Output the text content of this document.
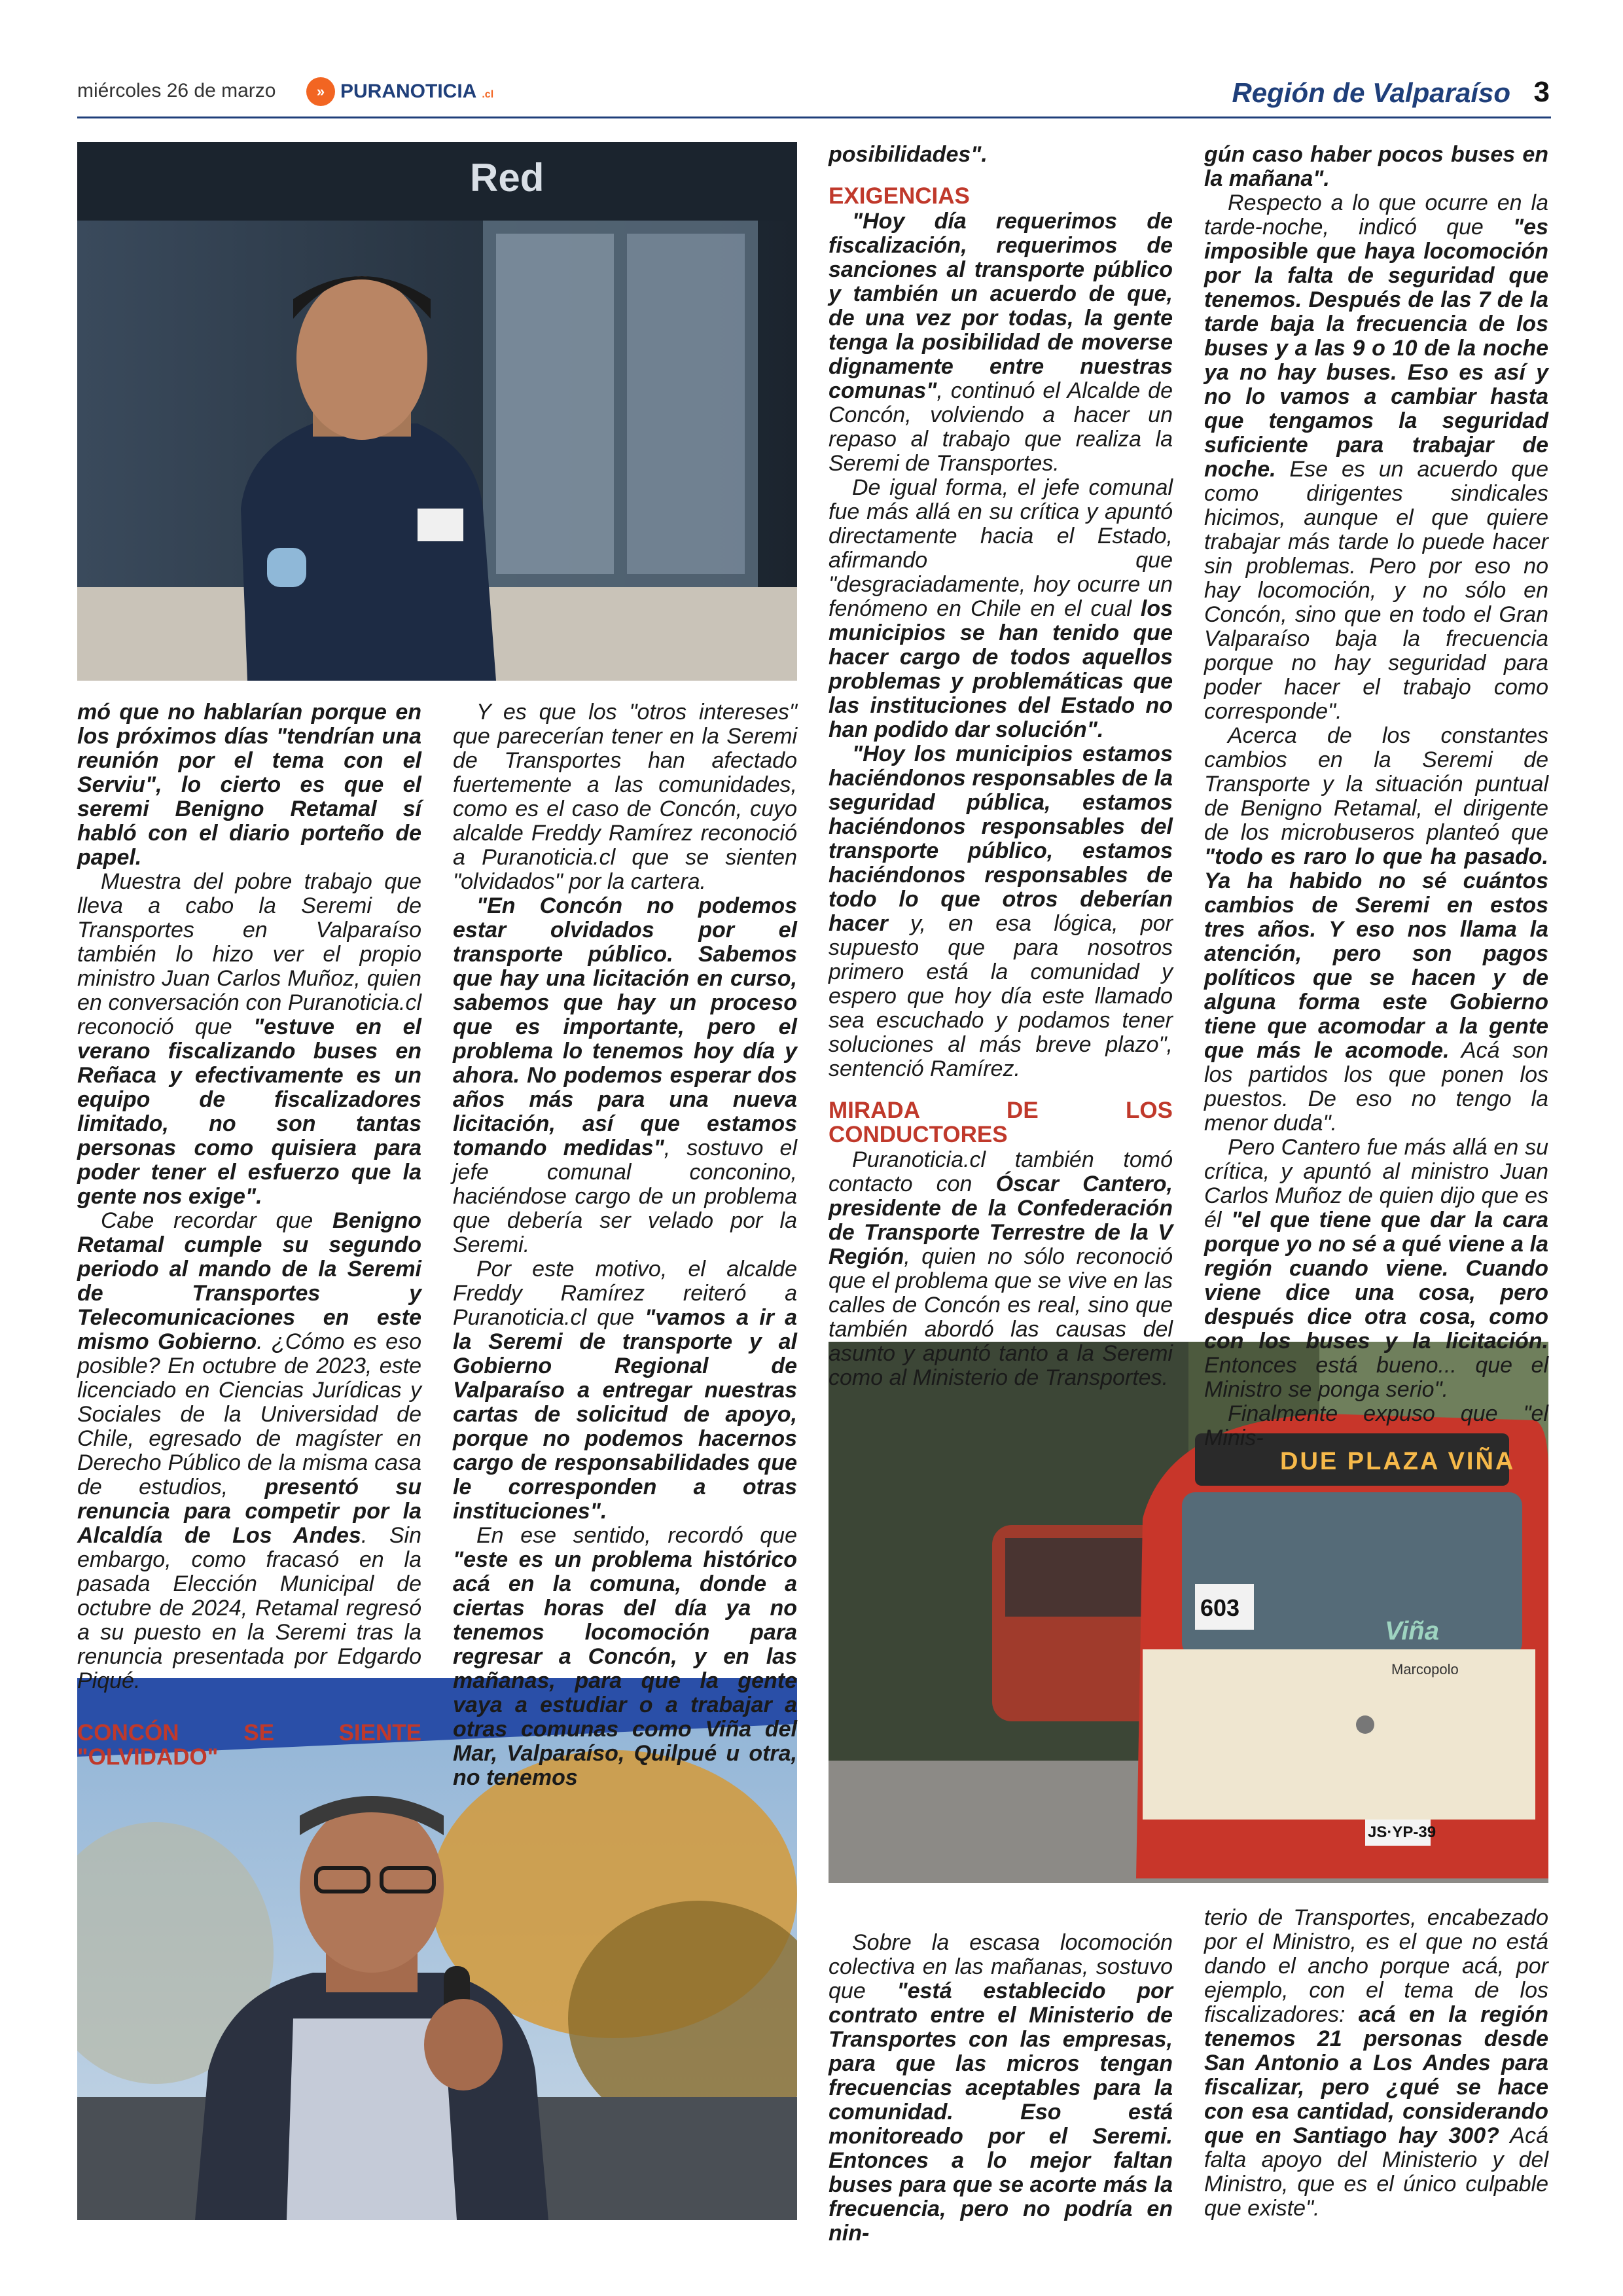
miércoles 26 de marzo	» PURANOTICIA .cl	Región de Valparaíso 3
Red
DUE PLAZA VIÑA
603
Viña
Marcopolo
JS·YP-39

mó que no hablarían porque en los próximos días "tendrían una reunión por el tema con el Serviu", lo cierto es que el seremi Benigno Retamal sí habló con el diario porteño de papel.

Muestra del pobre trabajo que lleva a cabo la Seremi de Transportes en Valparaíso también lo hizo ver el propio ministro Juan Carlos Muñoz, quien en conversación con Puranoticia.cl reconoció que "estuve en el verano fiscalizando buses en Reñaca y efectivamente es un equipo de fiscalizadores limitado, no son tantas personas como quisiera para poder tener el esfuerzo que la gente nos exige".

Cabe recordar que Benigno Retamal cumple su segundo periodo al mando de la Seremi de Transportes y Telecomunicaciones en este mismo Gobierno. ¿Cómo es eso posible? En octubre de 2023, este licenciado en Ciencias Jurídicas y Sociales de la Universidad de Chile, egresado de magíster en Derecho Público de la misma casa de estudios, presentó su renuncia para competir por la Alcaldía de Los Andes. Sin embargo, como fracasó en la pasada Elección Municipal de octubre de 2024, Retamal regresó a su puesto en la Seremi tras la renuncia presentada por Edgardo Piqué.

CONCÓN SE SIENTE "OLVIDADO"

Y es que los "otros intereses" que parecerían tener en la Seremi de Transportes han afectado fuertemente a las comunidades, como es el caso de Concón, cuyo alcalde Freddy Ramírez reconoció a Puranoticia.cl que se sienten "olvidados" por la cartera.

"En Concón no podemos estar olvidados por el transporte público. Sabemos que hay una licitación en curso, sabemos que hay un proceso que es importante, pero el problema lo tenemos hoy día y ahora. No podemos esperar dos años más para una nueva licitación, así que estamos tomando medidas", sostuvo el jefe comunal conconino, haciéndose cargo de un problema que debería ser velado por la Seremi.

Por este motivo, el alcalde Freddy Ramírez reiteró a Puranoticia.cl que "vamos a ir a la Seremi de transporte y al Gobierno Regional de Valparaíso a entregar nuestras cartas de solicitud de apoyo, porque no podemos hacernos cargo de responsabilidades que le corresponden a otras instituciones".

En ese sentido, recordó que "este es un problema histórico acá en la comuna, donde a ciertas horas del día ya no tenemos locomoción para regresar a Concón, y en las mañanas, para que la gente vaya a estudiar o a trabajar a otras comunas como Viña del Mar, Valparaíso, Quilpué u otra, no tenemos

posibilidades".

EXIGENCIAS

"Hoy día requerimos de fiscalización, requerimos de sanciones al transporte público y también un acuerdo de que, de una vez por todas, la gente tenga la posibilidad de moverse dignamente entre nuestras comunas", continuó el Alcalde de Concón, volviendo a hacer un repaso al trabajo que realiza la Seremi de Transportes.

De igual forma, el jefe comunal fue más allá en su crítica y apuntó directamente hacia el Estado, afirmando que "desgraciadamente, hoy ocurre un fenómeno en Chile en el cual los municipios se han tenido que hacer cargo de todos aquellos problemas y problemáticas que las instituciones del Estado no han podido dar solución".

"Hoy los municipios estamos haciéndonos responsables de la seguridad pública, estamos haciéndonos responsables del transporte público, estamos haciéndonos responsables de todo lo que otros deberían hacer y, en esa lógica, por supuesto que para nosotros primero está la comunidad y espero que hoy día este llamado sea escuchado y podamos tener soluciones al más breve plazo", sentenció Ramírez.

MIRADA DE LOS CONDUCTORES

Puranoticia.cl también tomó contacto con Óscar Cantero, presidente de la Confederación de Transporte Terrestre de la V Región, quien no sólo reconoció que el problema que se vive en las calles de Concón es real, sino que también abordó las causas del asunto y apuntó tanto a la Seremi como al Ministerio de Transportes.

gún caso haber pocos buses en la mañana".

Respecto a lo que ocurre en la tarde-noche, indicó que "es imposible que haya locomoción por la falta de seguridad que tenemos. Después de las 7 de la tarde baja la frecuencia de los buses y a las 9 o 10 de la noche ya no hay buses. Eso es así y no lo vamos a cambiar hasta que tengamos la seguridad suficiente para trabajar de noche. Ese es un acuerdo que como dirigentes sindicales hicimos, aunque el que quiere trabajar más tarde lo puede hacer sin problemas. Pero por eso no hay locomoción, y no sólo en Concón, sino que en todo el Gran Valparaíso baja la frecuencia porque no hay seguridad para poder hacer el trabajo como corresponde".

Acerca de los constantes cambios en la Seremi de Transporte y la situación puntual de Benigno Retamal, el dirigente de los microbuseros planteó que "todo es raro lo que ha pasado. Ya ha habido no sé cuántos cambios de Seremi en estos tres años. Y eso nos llama la atención, pero son pagos políticos que se hacen y de alguna forma este Gobierno tiene que acomodar a la gente que más le acomode. Acá son los partidos los que ponen los puestos. De eso no tengo la menor duda".

Pero Cantero fue más allá en su crítica, y apuntó al ministro Juan Carlos Muñoz de quien dijo que es él "el que tiene que dar la cara porque yo no sé a qué viene a la región cuando viene. Cuando viene dice una cosa, pero después dice otra cosa, como con los buses y la licitación. Entonces está bueno... que el Ministro se ponga serio".

Finalmente expuso que "el Minis-

Sobre la escasa locomoción colectiva en las mañanas, sostuvo que "está establecido por contrato entre el Ministerio de Transportes con las empresas, para que las micros tengan frecuencias aceptables para la comunidad. Eso está monitoreado por el Seremi. Entonces a lo mejor faltan buses para que se acorte más la frecuencia, pero no podría en nin-

terio de Transportes, encabezado por el Ministro, es el que no está dando el ancho porque acá, por ejemplo, con el tema de los fiscalizadores: acá en la región tenemos 21 personas desde San Antonio a Los Andes para fiscalizar, pero ¿qué se hace con esa cantidad, considerando que en Santiago hay 300? Acá falta apoyo del Ministerio y del Ministro, que es el único culpable que existe".
